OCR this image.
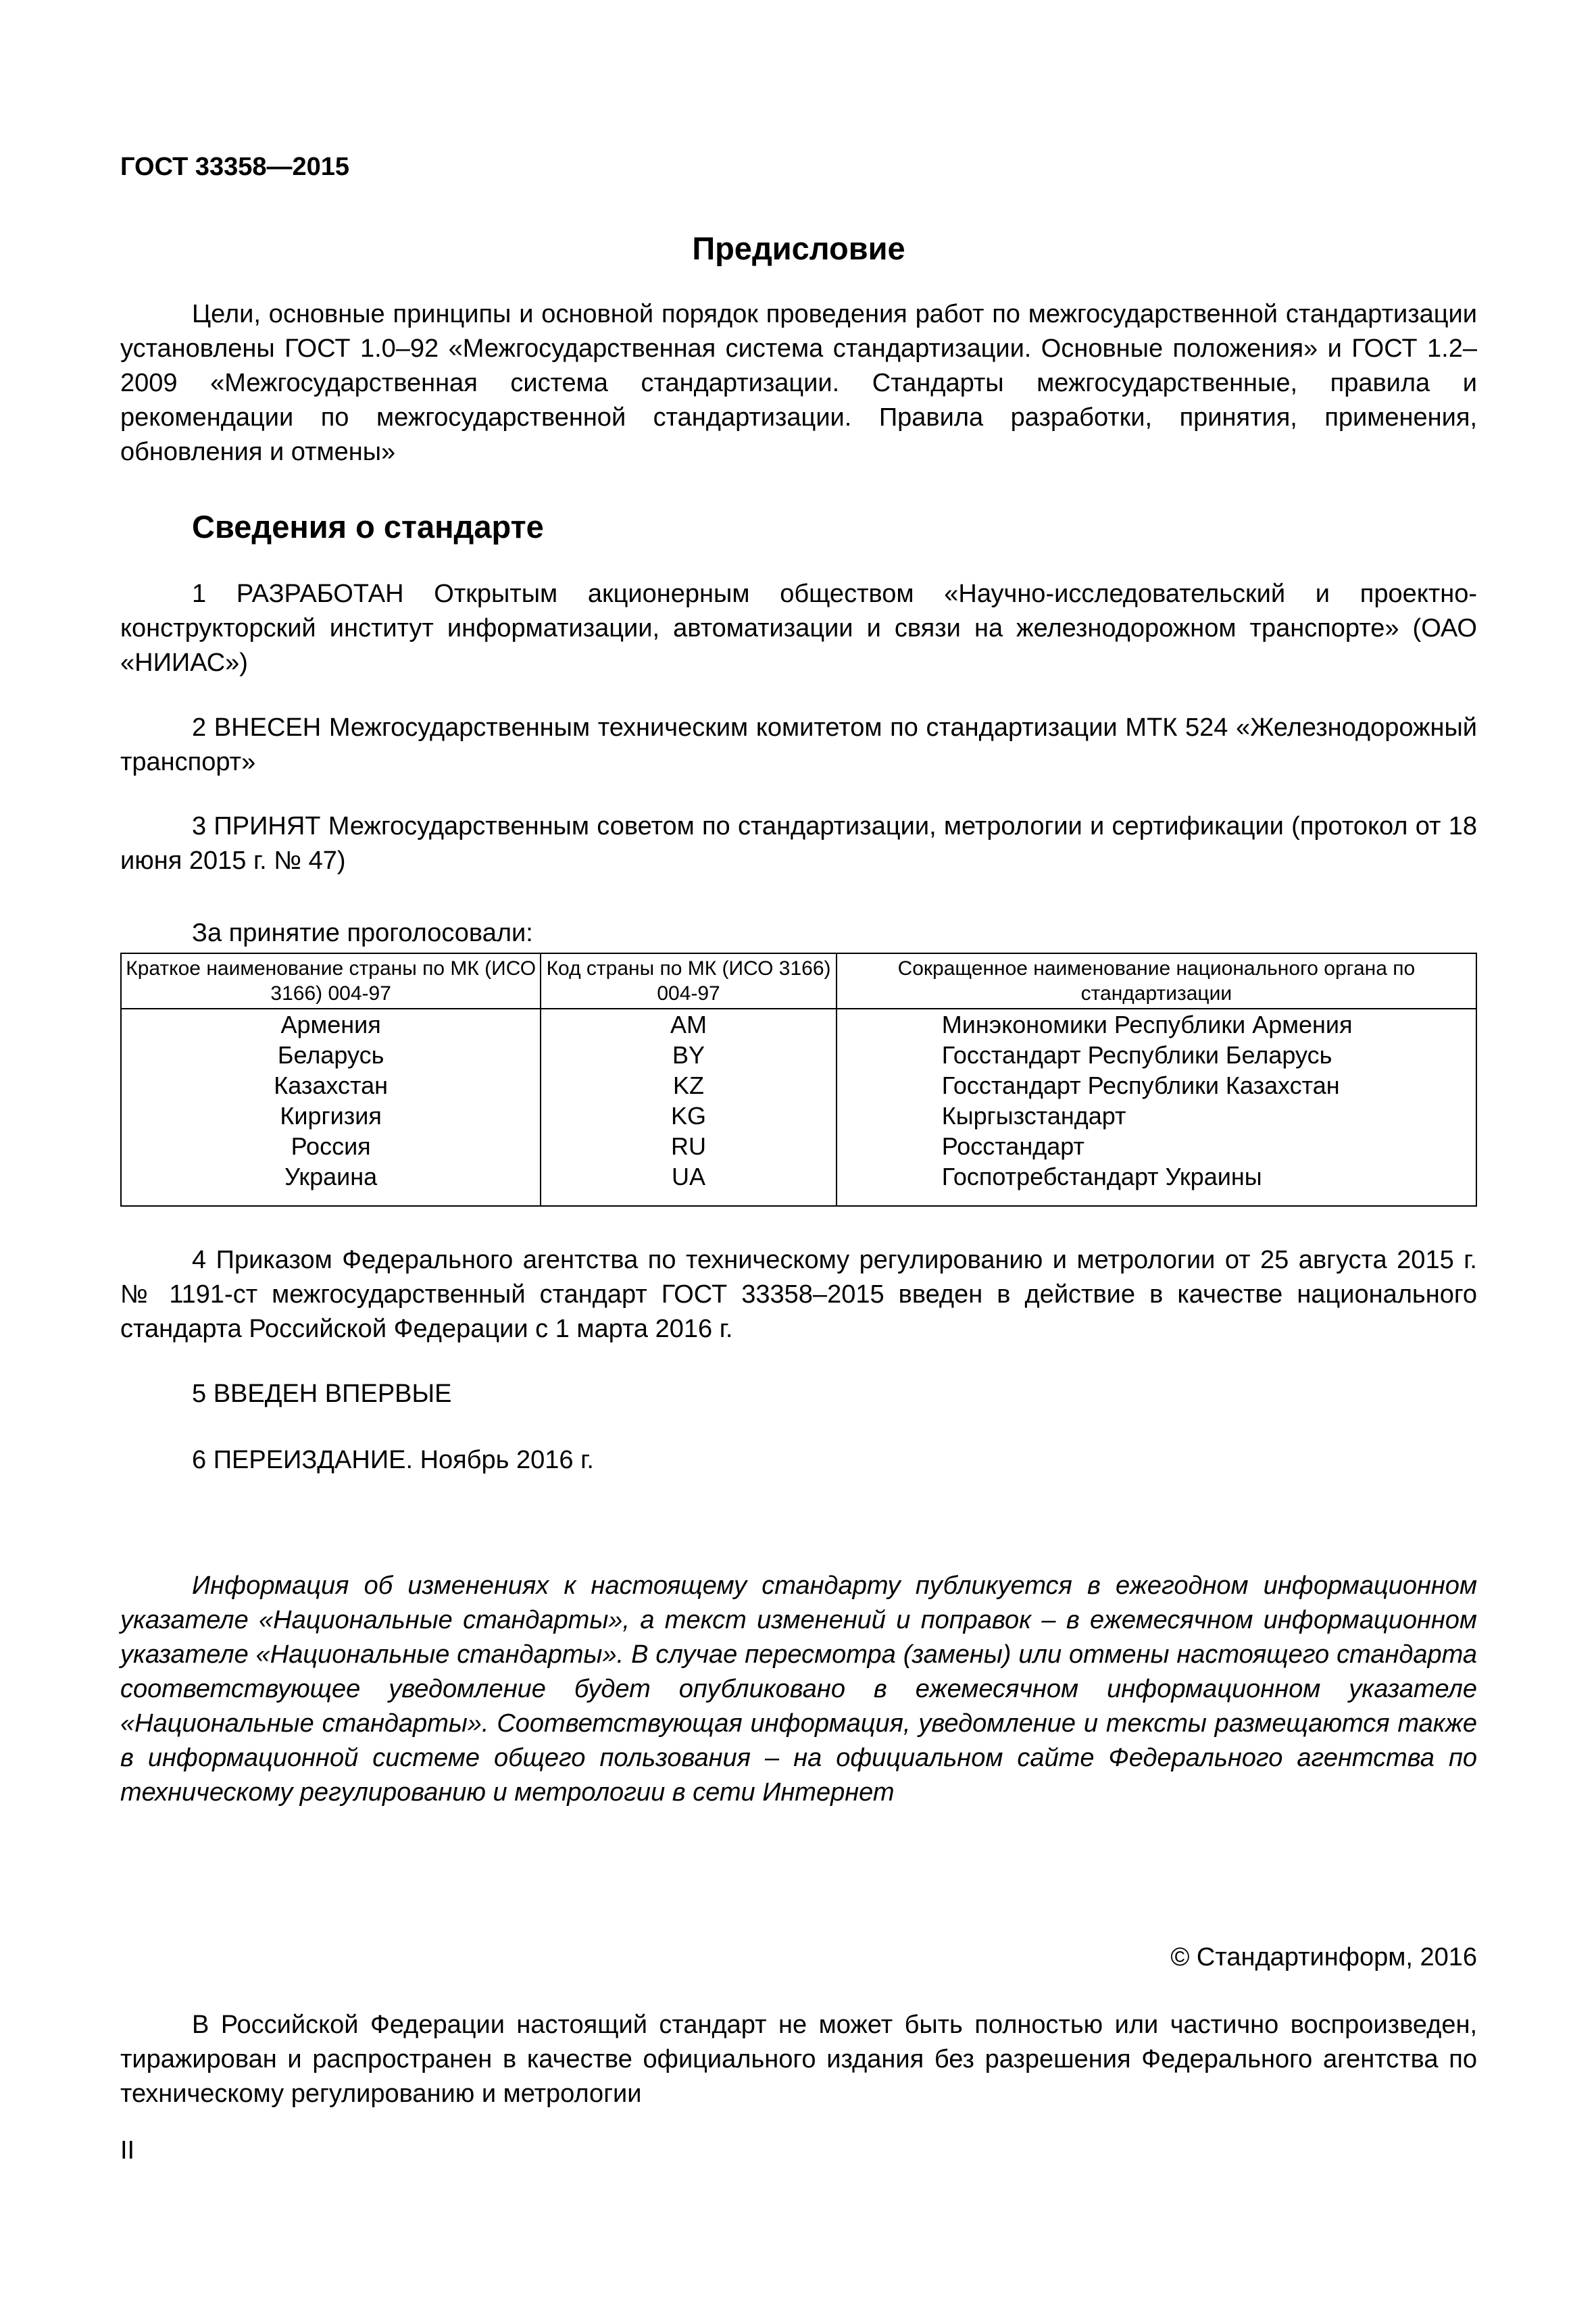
ГОСТ 33358—2015
Предисловие

Цели, основные принципы и основной порядок проведения работ по межгосударственной стандартизации установлены ГОСТ 1.0–92 «Межгосударственная система стандартизации. Основные положения» и ГОСТ 1.2–2009 «Межгосударственная система стандартизации. Стандарты межгосударственные, правила и рекомендации по межгосударственной стандартизации. Правила разработки, принятия, применения, обновления и отмены»

Сведения о стандарте

1 РАЗРАБОТАН Открытым акционерным обществом «Научно-исследовательский и проектно-конструкторский институт информатизации, автоматизации и связи на железнодорожном транспорте» (ОАО «НИИАС»)

2 ВНЕСЕН Межгосударственным техническим комитетом по стандартизации МТК 524 «Железнодорожный транспорт»

3 ПРИНЯТ Межгосударственным советом по стандартизации, метрологии и сертификации (протокол от 18 июня 2015 г. № 47)

За принятие проголосовали:
Краткое наименование страны по МК (ИСО 3166) 004-97	Код страны по МК (ИСО 3166) 004-97	Сокращенное наименование национального органа по стандартизации
Армения	AM	Минэкономики Республики Армения
Беларусь	BY	Госстандарт Республики Беларусь
Казахстан	KZ	Госстандарт Республики Казахстан
Киргизия	KG	Кыргызстандарт
Россия	RU	Росстандарт
Украина	UA	Госпотребстандарт Украины

4 Приказом Федерального агентства по техническому регулированию и метрологии от 25 августа 2015 г. № 1191-ст межгосударственный стандарт ГОСТ 33358–2015 введен в действие в качестве национального стандарта Российской Федерации с 1 марта 2016 г.

5 ВВЕДЕН ВПЕРВЫЕ

6 ПЕРЕИЗДАНИЕ. Ноябрь 2016 г.

Информация об изменениях к настоящему стандарту публикуется в ежегодном информационном указателе «Национальные стандарты», а текст изменений и поправок – в ежемесячном информационном указателе «Национальные стандарты». В случае пересмотра (замены) или отмены настоящего стандарта соответствующее уведомление будет опубликовано в ежемесячном информационном указателе «Национальные стандарты». Соответствующая информация, уведомление и тексты размещаются также в информационной системе общего пользования – на официальном сайте Федерального агентства по техническому регулированию и метрологии в сети Интернет

© Стандартинформ, 2016

В Российской Федерации настоящий стандарт не может быть полностью или частично воспроизведен, тиражирован и распространен в качестве официального издания без разрешения Федерального агентства по техническому регулированию и метрологии

II
